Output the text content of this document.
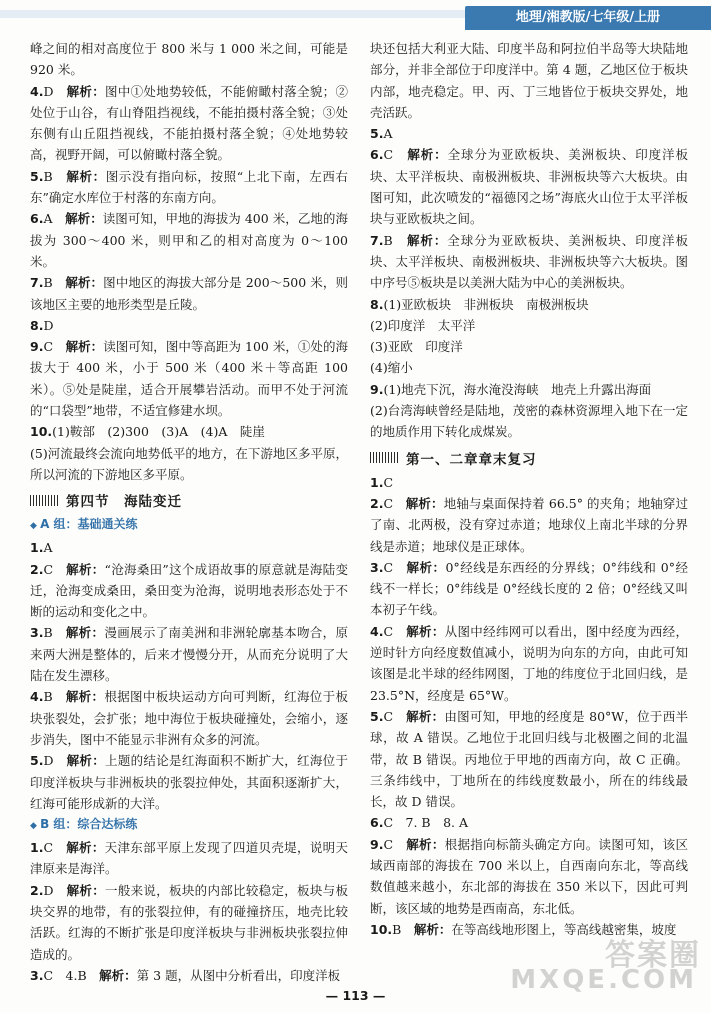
地理/湘教版/七年级/上册
峰之间的相对高度位于 800 米与 1 000 米之间，可能是 920 米。
4.D　 解析：图中①处地势较低，不能俯瞰村落全貌；②处位于山谷，有山脊阻挡视线，不能拍摄村落全貌；③处东侧有山丘阻挡视线，不能拍摄村落全貌；④处地势较高，视野开阔，可以俯瞰村落全貌。
5.B　 解析：图示没有指向标，按照“上北下南，左西右东”确定水库位于村落的东南方向。
6.A　 解析：读图可知，甲地的海拔为 400 米，乙地的海拔为 300～400 米，则甲和乙的相对高度为 0～100 米。
7.B　 解析：图中地区的海拔大部分是 200～500 米，则该地区主要的地形类型是丘陵。
8.D
9.C　 解析：读图可知，图中等高距为 100 米，①处的海拔大于 400 米，小于 500 米（400 米＋等高距 100 米）。⑤处是陡崖，适合开展攀岩活动。而甲不处于河流的“口袋型”地带，不适宜修建水坝。
10.(1)鞍部　(2)300　(3)A　(4)A　陡崖
(5)河流最终会流向地势低平的地方，在下游地区多平原，所以河流的下游地区多平原。
第四节　海陆变迁
◆ A 组：基础通关练
1.A
2.C　 解析：“沧海桑田”这个成语故事的原意就是海陆变迁，沧海变成桑田，桑田变为沧海，说明地表形态处于不断的运动和变化之中。
3.B　 解析：漫画展示了南美洲和非洲轮廓基本吻合，原来两大洲是整体的，后来才慢慢分开，从而充分说明了大陆在发生漂移。
4.B　 解析：根据图中板块运动方向可判断，红海位于板块张裂处，会扩张；地中海位于板块碰撞处，会缩小，逐步消失，图中不能显示非洲有众多的河流。
5.D　 解析：上题的结论是红海面积不断扩大，红海位于印度洋板块与非洲板块的张裂拉伸处，其面积逐渐扩大，红海可能形成新的大洋。
◆ B 组：综合达标练
1.C　 解析：天津东部平原上发现了四道贝壳堤，说明天津原来是海洋。
2.D　 解析：一般来说，板块的内部比较稳定，板块与板块交界的地带，有的张裂拉伸，有的碰撞挤压，地壳比较活跃。红海的不断扩张是印度洋板块与非洲板块张裂拉伸造成的。
3.C　4.B　 解析：第 3 题，从图中分析看出，印度洋板
块还包括大利亚大陆、印度半岛和阿拉伯半岛等大块陆地部分，并非全部位于印度洋中。第 4 题，乙地区位于板块内部，地壳稳定。甲、丙、丁三地皆位于板块交界处，地壳活跃。
5.A
6.C　 解析：全球分为亚欧板块、美洲板块、印度洋板块、太平洋板块、南极洲板块、非洲板块等六大板块。由图可知，此次喷发的“福德冈之场”海底火山位于太平洋板块与亚欧板块之间。
7.B　 解析：全球分为亚欧板块、美洲板块、印度洋板块、太平洋板块、南极洲板块、非洲板块等六大板块。图中序号⑤板块是以美洲大陆为中心的美洲板块。
8.(1)亚欧板块　非洲板块　南极洲板块
(2)印度洋　太平洋
(3)亚欧　印度洋
(4)缩小
9.(1)地壳下沉，海水淹没海峡　地壳上升露出海面
(2)台湾海峡曾经是陆地，茂密的森林资源埋入地下在一定的地质作用下转化成煤炭。
第一、二章章末复习
1.C
2.C　 解析：地轴与桌面保持着 66.5° 的夹角；地轴穿过了南、北两极，没有穿过赤道；地球仪上南北半球的分界线是赤道；地球仪是正球体。
3.C　 解析：0°经线是东西经的分界线；0°纬线和 0°经线不一样长；0°纬线是 0°经线长度的 2 倍；0°经线又叫本初子午线。
4.C　 解析：从图中经纬网可以看出，图中经度为西经，逆时针方向经度数值减小，说明为向东的方向，由此可知该图是北半球的经纬网图，丁地的纬度位于北回归线，是 23.5°N，经度是 65°W。
5.C　 解析：由图可知，甲地的经度是 80°W，位于西半球，故 A 错误。乙地位于北回归线与北极圈之间的北温带，故 B 错误。丙地位于甲地的西南方向，故 C 正确。三条纬线中，丁地所在的纬线度数最小，所在的纬线最长，故 D 错误。
6.C　7. B　8. A
9.C　 解析：根据指向标箭头确定方向。读图可知，该区域西南部的海拔在 700 米以上，自西南向东北，等高线数值越来越小，东北部的海拔在 350 米以下，因此可判断，该区域的地势是西南高，东北低。
10.B　 解析：在等高线地形图上，等高线越密集，坡度
— 113 —
答案圈
MXQE.COM
